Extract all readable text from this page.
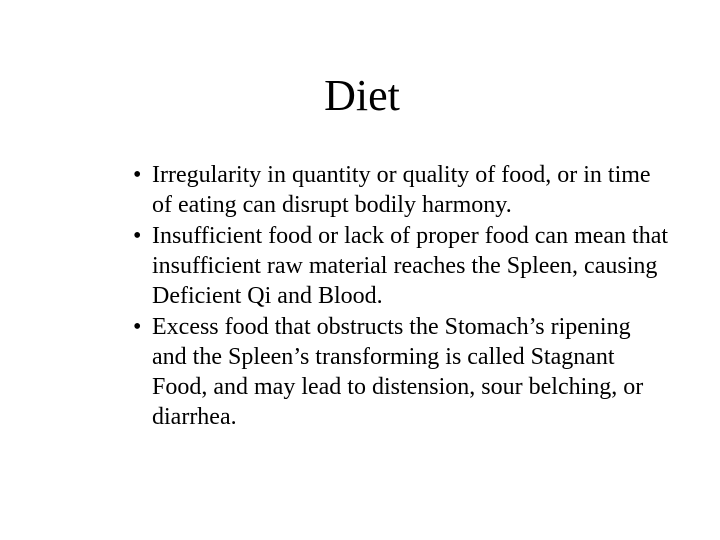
Diet
• Irregularity in quantity or quality of food, or in time of eating can disrupt bodily harmony.
• Insufficient food or lack of proper food can mean that insufficient raw material reaches the Spleen, causing Deficient Qi and Blood.
• Excess food that obstructs the Stomach’s ripening and the Spleen’s transforming is called Stagnant Food, and may lead to distension, sour belching, or diarrhea.
